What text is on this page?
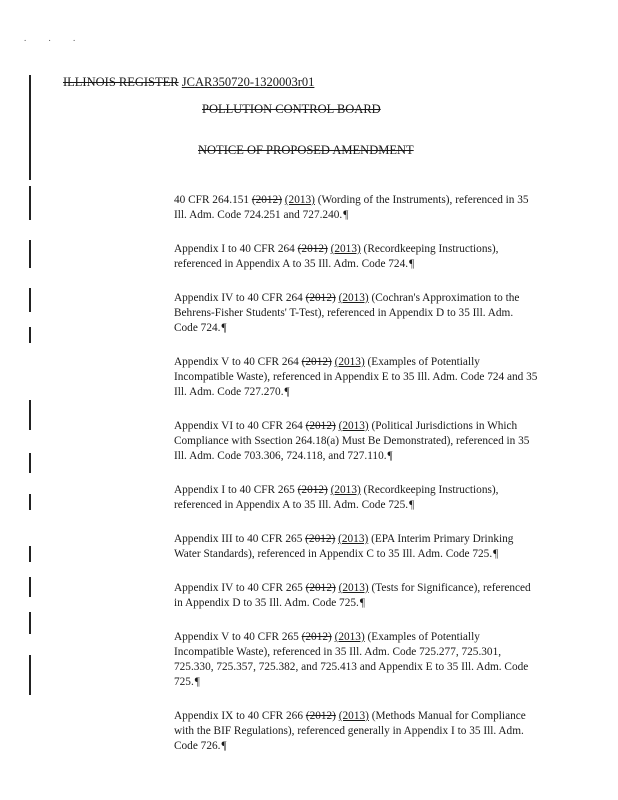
. . .
ILLINOIS REGISTER JCAR350720-1320003r01
POLLUTION CONTROL BOARD
NOTICE OF PROPOSED AMENDMENT

40 CFR 264.151 (2012) (2013) (Wording of the Instruments), referenced in 35 Ill. Adm. Code 724.251 and 727.240.¶

Appendix I to 40 CFR 264 (2012) (2013) (Recordkeeping Instructions), referenced in Appendix A to 35 Ill. Adm. Code 724.¶

Appendix IV to 40 CFR 264 (2012) (2013) (Cochran's Approximation to the Behrens-Fisher Students' T-Test), referenced in Appendix D to 35 Ill. Adm. Code 724.¶

Appendix V to 40 CFR 264 (2012) (2013) (Examples of Potentially Incompatible Waste), referenced in Appendix E to 35 Ill. Adm. Code 724 and 35 Ill. Adm. Code 727.270.¶

Appendix VI to 40 CFR 264 (2012) (2013) (Political Jurisdictions in Which Compliance with Ssection 264.18(a) Must Be Demonstrated), referenced in 35 Ill. Adm. Code 703.306, 724.118, and 727.110.¶

Appendix I to 40 CFR 265 (2012) (2013) (Recordkeeping Instructions), referenced in Appendix A to 35 Ill. Adm. Code 725.¶

Appendix III to 40 CFR 265 (2012) (2013) (EPA Interim Primary Drinking Water Standards), referenced in Appendix C to 35 Ill. Adm. Code 725.¶

Appendix IV to 40 CFR 265 (2012) (2013) (Tests for Significance), referenced in Appendix D to 35 Ill. Adm. Code 725.¶

Appendix V to 40 CFR 265 (2012) (2013) (Examples of Potentially Incompatible Waste), referenced in 35 Ill. Adm. Code 725.277, 725.301, 725.330, 725.357, 725.382, and 725.413 and Appendix E to 35 Ill. Adm. Code 725.¶

Appendix IX to 40 CFR 266 (2012) (2013) (Methods Manual for Compliance with the BIF Regulations), referenced generally in Appendix I to 35 Ill. Adm. Code 726.¶
